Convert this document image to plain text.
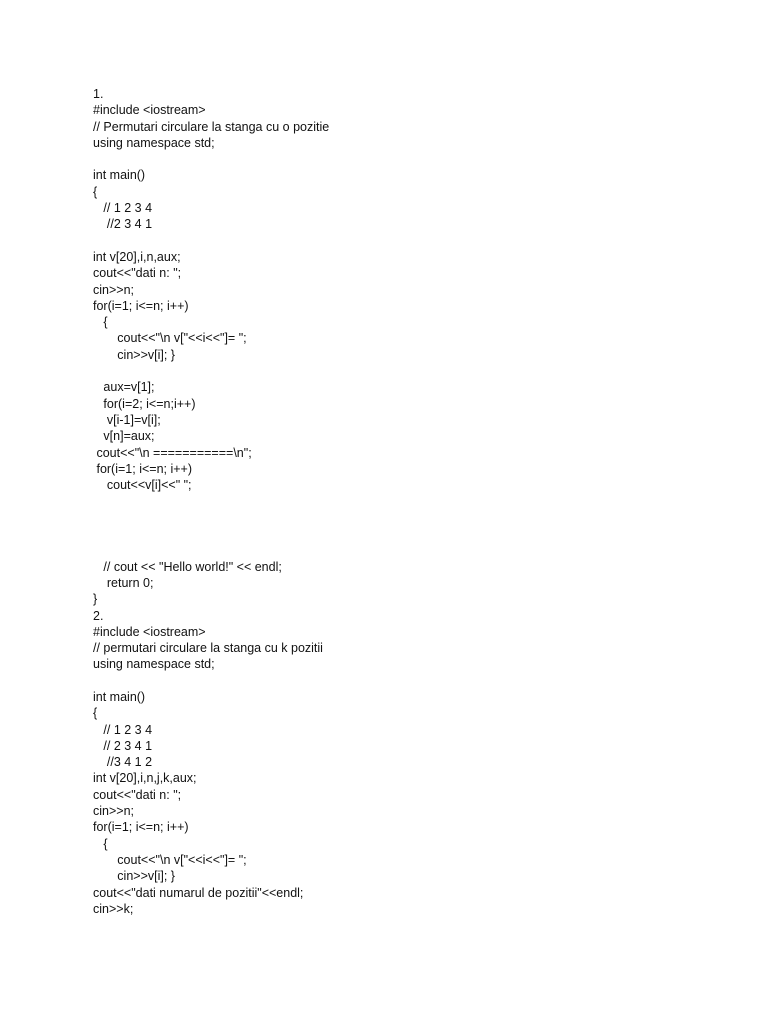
1.
#include <iostream>
// Permutari circulare la stanga cu o pozitie
using namespace std;
int main()
{
// 1 2 3 4
//2 3 4 1
int v[20],i,n,aux;
cout<<"dati n: ";
cin>>n;
for(i=1; i<=n; i++)
{
cout<<"\n v["<<i<<"]= ";
cin>>v[i]; }
aux=v[1];
for(i=2; i<=n;i++)
v[i-1]=v[i];
v[n]=aux;
cout<<"\n ===========\n";
for(i=1; i<=n; i++)
cout<<v[i]<<" ";
// cout << "Hello world!" << endl;
return 0;
}
2.
#include <iostream>
// permutari circulare la stanga cu k pozitii
using namespace std;
int main()
{
// 1 2 3 4
// 2 3 4 1
//3 4 1 2
int v[20],i,n,j,k,aux;
cout<<"dati n: ";
cin>>n;
for(i=1; i<=n; i++)
{
cout<<"\n v["<<i<<"]= ";
cin>>v[i]; }
cout<<"dati numarul de pozitii"<<endl;
cin>>k;
